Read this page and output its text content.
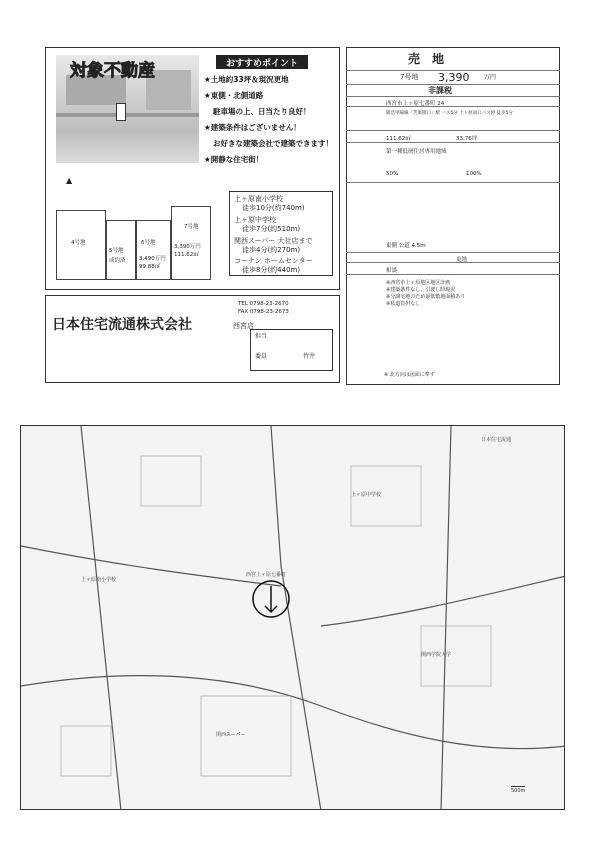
対象不動産	おすすめポイント
★土地約33坪＆現況更地
★東側・北側道路
駐車場の上、日当たり良好！
★建築条件はございません！
お好きな建築会社で建築できます！
★開静な住宅街！
▲
4号地
5号地
成約済
6号地
3,490万円
99.88㎡
7号地
3,390万円
111.62㎡
上ヶ原南小学校
徒歩10分(約740m)
上ヶ原中学校
徒歩7分(約510m)
関西スーパー 大社店まで
徒歩4分(約270m)
コーナン ホームセンター
徒歩8分(約440m)
日本住宅流通株式会社	西宮店
TEL 0798-23-2670
FAX 0798-23-2673
担当
委員	竹井
売　地
7号地 3,390 万円
非課税
西宮市上ヶ原七番町 24
阪急甲陽線「苦楽園口」駅 バス5分 上ヶ原南口バス停 徒歩5分
111.62㎡	33.76坪
第一種低層住居専用地域
50%	100%
東側 公道 4.5m
更地
相談
※西宮市上ヶ原地区地区計画
※建築条件なし、引渡し時現況
※分譲宅地のため最低敷地面積あり
※私道負担なし
※ 北方向は図面に準ず
上ヶ原南小学校
関西スーパー
上ヶ原中学校
西宮上ヶ原七番町
関西学院大学
日本住宅流通
500m
